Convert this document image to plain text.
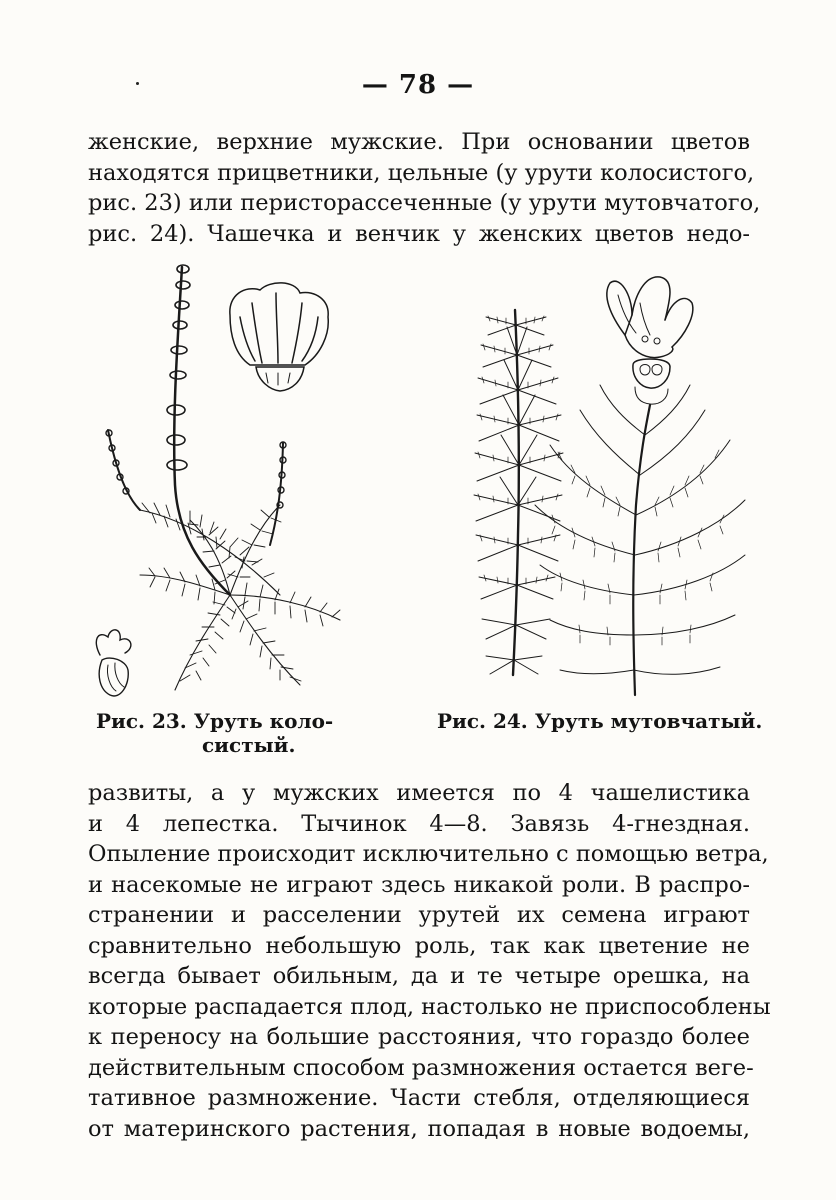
— 78 —

женские, верхние мужские. При основании цветов
находятся прицветники, цельные (у урути колосистого,
рис. 23) или перисторассеченные (у урути мутовчатого,
рис. 24). Чашечка и венчик у женских цветов недо-

Рис. 23. Уруть коло-
систый.
Рис. 24. Уруть мутовчатый.

развиты, а у мужских имеется по 4 чашелистика
и 4 лепестка. Тычинок 4—8. Завязь 4-гнездная.
Опыление происходит исключительно с помощью ветра,
и насекомые не играют здесь никакой роли. В распро-
странении и расселении урутей их семена играют
сравнительно небольшую роль, так как цветение не
всегда бывает обильным, да и те четыре орешка, на
которые распадается плод, настолько не приспособлены
к переносу на большие расстояния, что гораздо более
действительным способом размножения остается веге-
тативное размножение. Части стебля, отделяющиеся
от материнского растения, попадая в новые водоемы,
